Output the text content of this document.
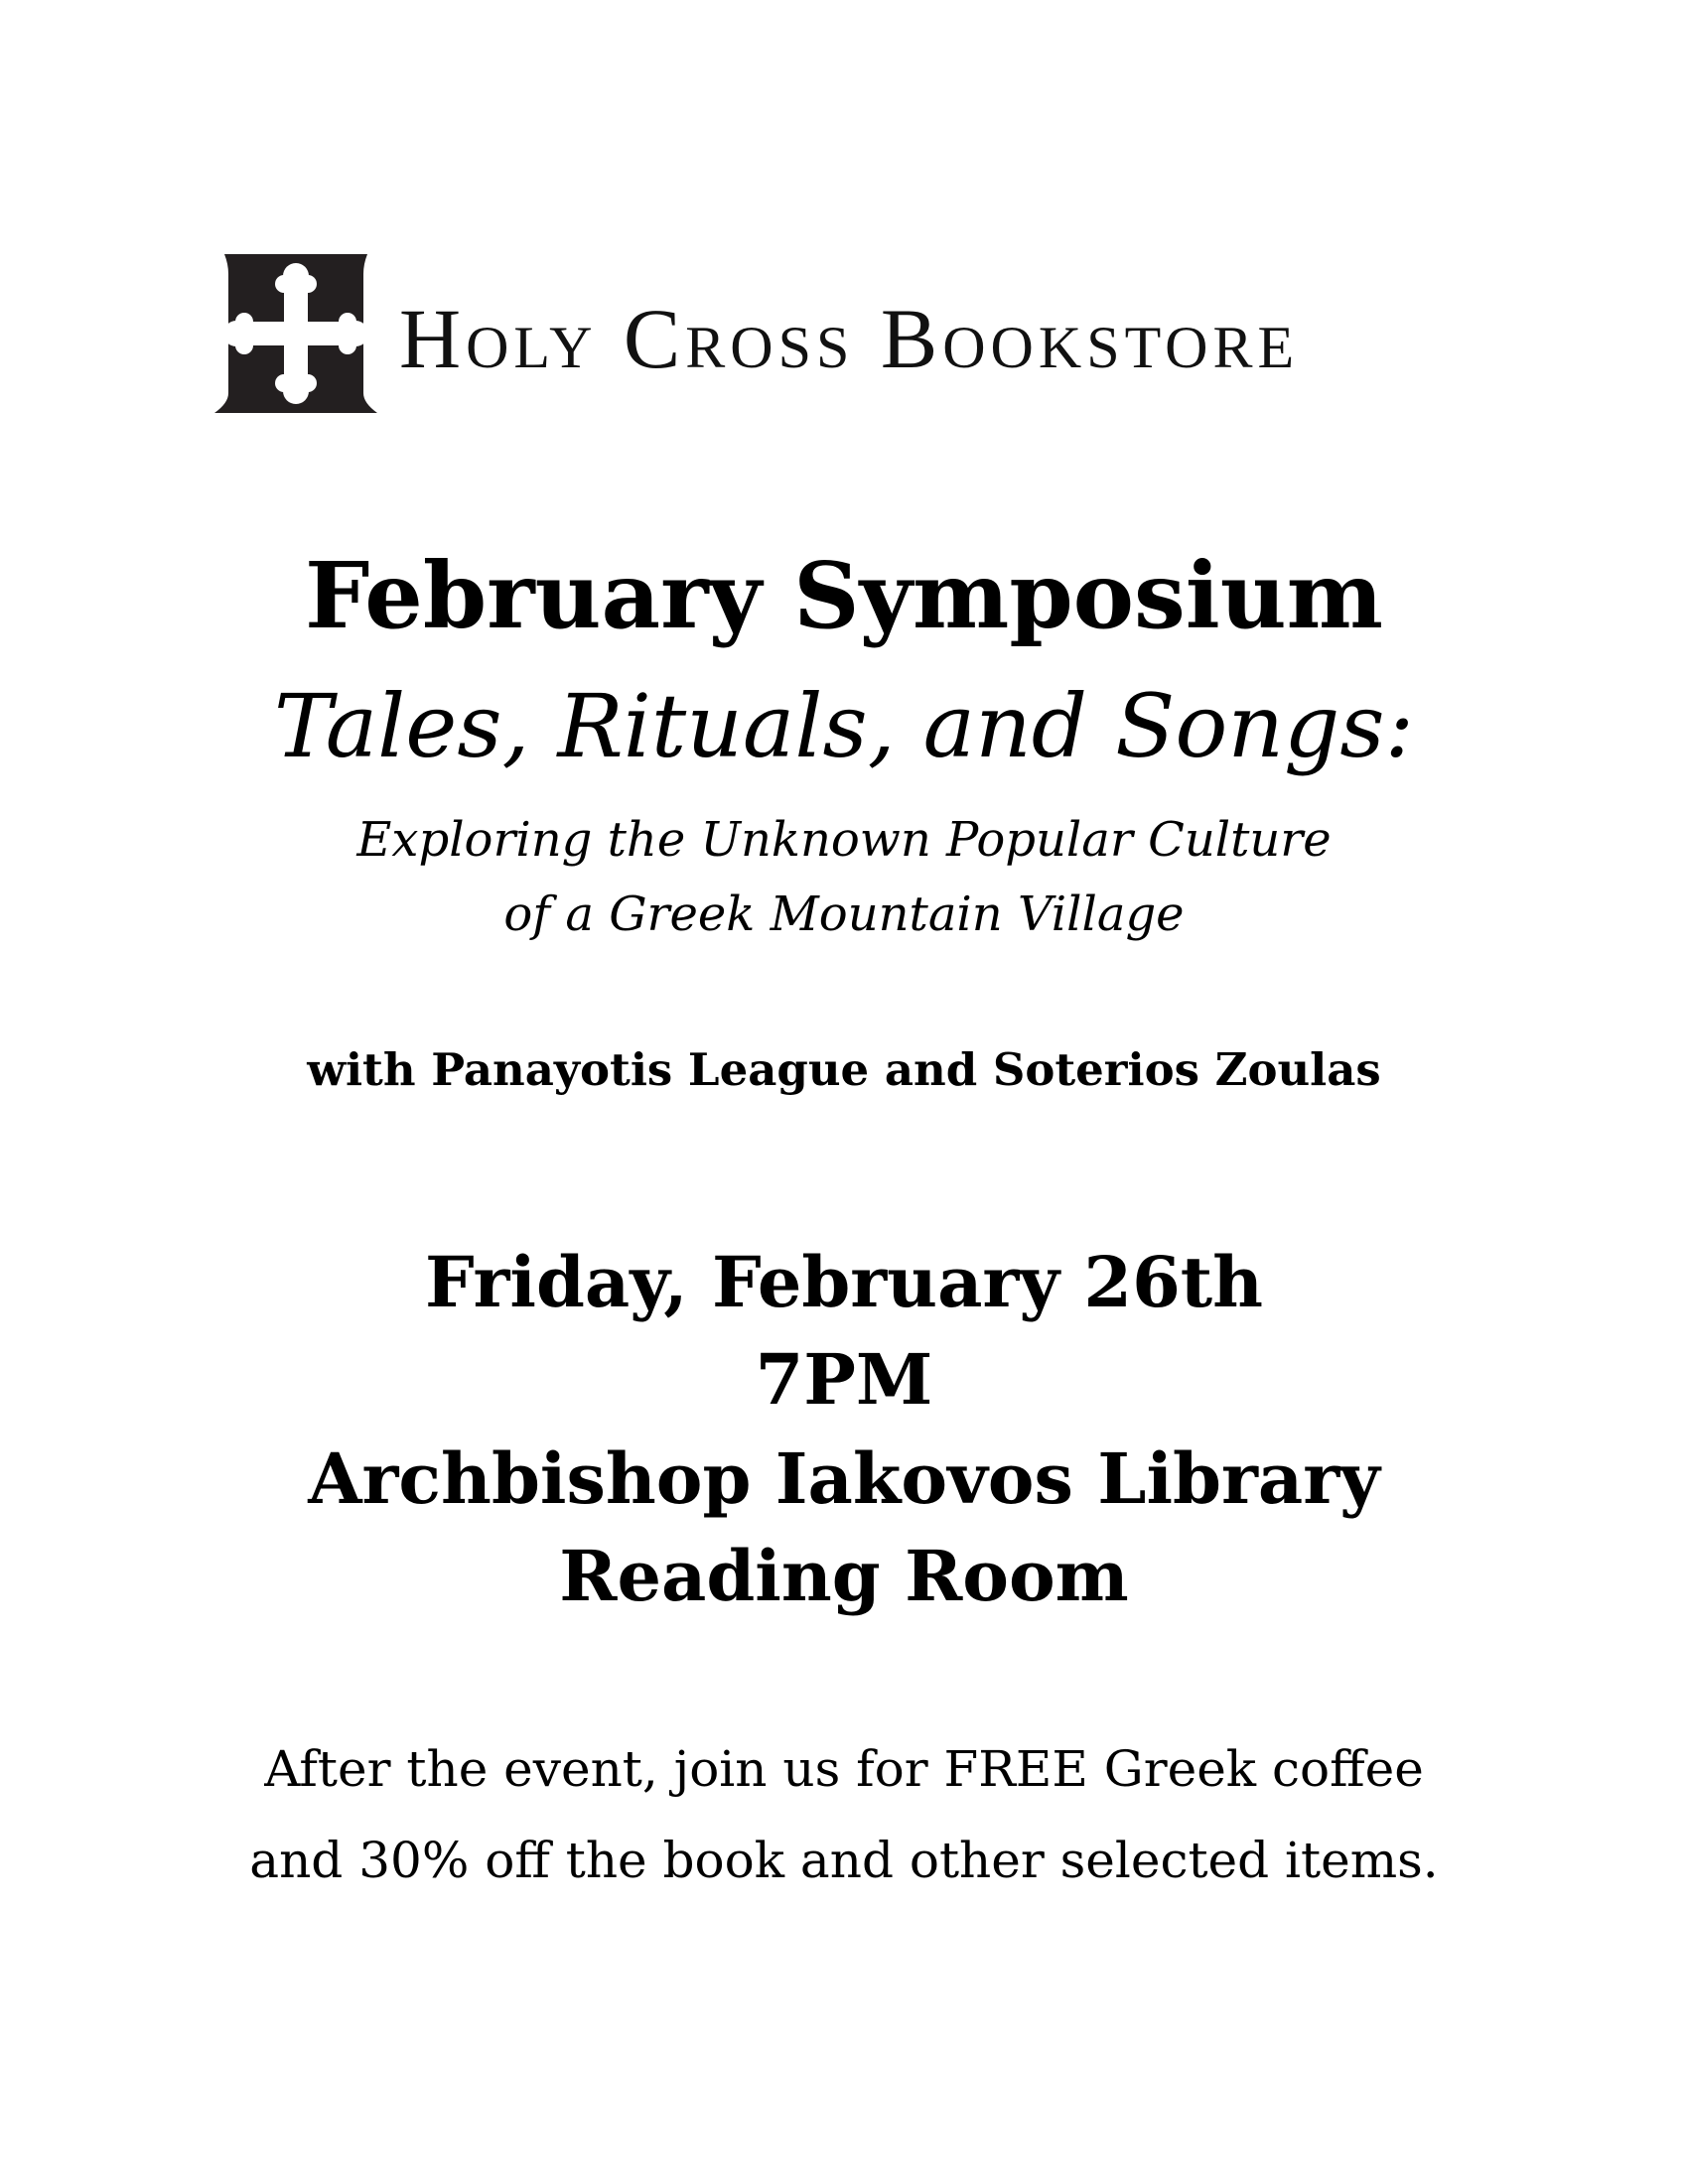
Holy Cross Bookstore
February Symposium
Tales, Rituals, and Songs:
Exploring the Unknown Popular Culture
of a Greek Mountain Village
with Panayotis League and Soterios Zoulas
Friday, February 26th
7PM
Archbishop Iakovos Library
Reading Room
After the event, join us for FREE Greek coffee
and 30% off the book and other selected items.
